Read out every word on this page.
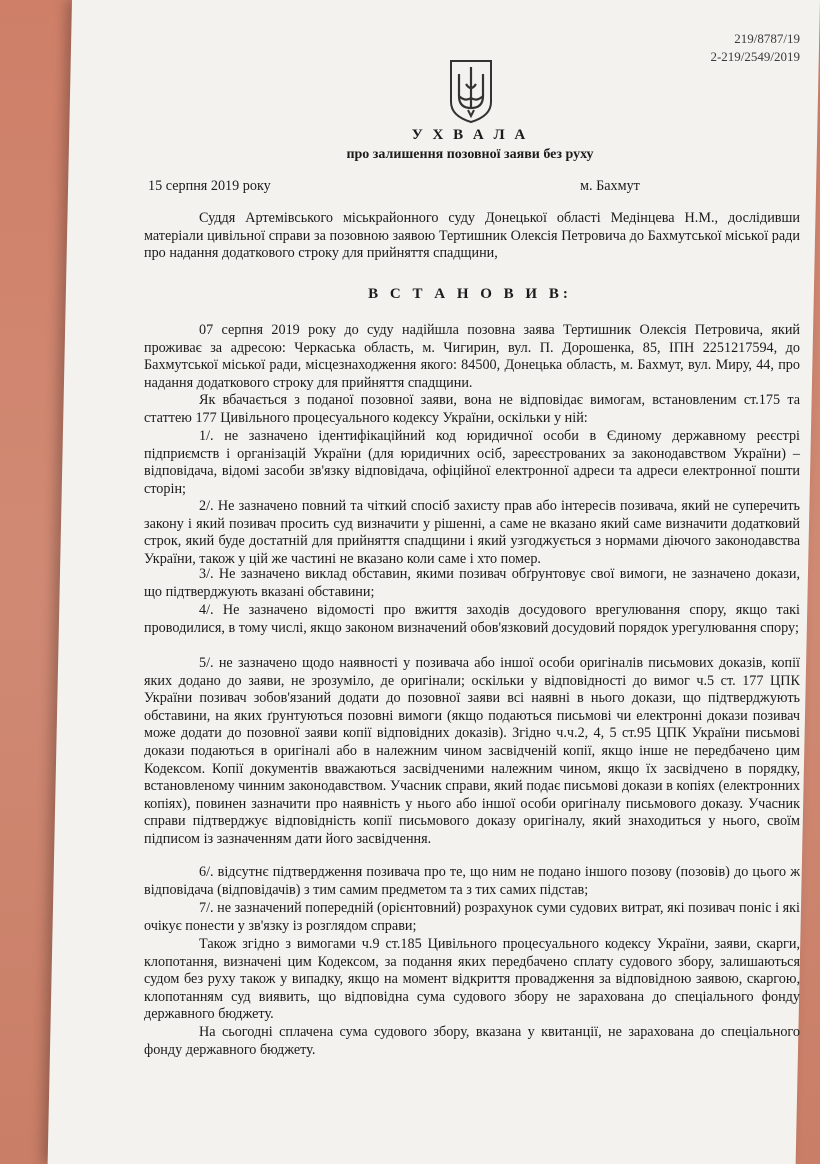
219/8787/19
2-219/2549/2019
У Х В А Л А
про залишення позовної заяви без руху
15 серпня 2019 року	м. Бахмут

Суддя Артемівського міськрайонного суду Донецької області Медінцева Н.М., дослідивши матеріали цивільної справи за позовною заявою Тертишник Олексія Петровича до Бахмутської міської ради про надання додаткового строку для прийняття спадщини,

В С Т А Н О В И В:

07 серпня 2019 року до суду надійшла позовна заява Тертишник Олексія Петровича, який проживає за адресою: Черкаська область, м. Чигирин, вул. П. Дорошенка, 85, ІПН 2251217594, до Бахмутської міської ради, місцезнаходження якого: 84500, Донецька область, м. Бахмут, вул. Миру, 44, про надання додаткового строку для прийняття спадщини.

Як вбачається з поданої позовної заяви, вона не відповідає вимогам, встановленим ст.175 та статтею 177 Цивільного процесуального кодексу України, оскільки у ній:

1/. не зазначено ідентифікаційний код юридичної особи в Єдиному державному реєстрі підприємств і організацій України (для юридичних осіб, зареєстрованих за законодавством України) – відповідача, відомі засоби зв'язку відповідача, офіційної електронної адреси та адреси електронної пошти сторін;

2/. Не зазначено повний та чіткий спосіб захисту прав або інтересів позивача, який не суперечить закону і який позивач просить суд визначити у рішенні, а саме не вказано який саме визначити додатковий строк, який буде достатній для прийняття спадщини і який узгоджується з нормами діючого законодавства України, також у цій же частині не вказано коли саме і хто помер.

3/. Не зазначено виклад обставин, якими позивач обґрунтовує свої вимоги, не зазначено докази, що підтверджують вказані обставини;

4/. Не зазначено відомості про вжиття заходів досудового врегулювання спору, якщо такі проводилися, в тому числі, якщо законом визначений обов'язковий досудовий порядок урегулювання спору;

5/. не зазначено щодо наявності у позивача або іншої особи оригіналів письмових доказів, копії яких додано до заяви, не зрозуміло, де оригінали; оскільки у відповідності до вимог ч.5 ст. 177 ЦПК України позивач зобов'язаний додати до позовної заяви всі наявні в нього докази, що підтверджують обставини, на яких ґрунтуються позовні вимоги (якщо подаються письмові чи електронні докази позивач може додати до позовної заяви копії відповідних доказів). Згідно ч.ч.2, 4, 5 ст.95 ЦПК України письмові докази подаються в оригіналі або в належним чином засвідченій копії, якщо інше не передбачено цим Кодексом. Копії документів вважаються засвідченими належним чином, якщо їх засвідчено в порядку, встановленому чинним законодавством. Учасник справи, який подає письмові докази в копіях (електронних копіях), повинен зазначити про наявність у нього або іншої особи оригіналу письмового доказу. Учасник справи підтверджує відповідність копії письмового доказу оригіналу, який знаходиться у нього, своїм підписом із зазначенням дати його засвідчення.

6/. відсутнє підтвердження позивача про те, що ним не подано іншого позову (позовів) до цього ж відповідача (відповідачів) з тим самим предметом та з тих самих підстав;

7/. не зазначений попередній (орієнтовний) розрахунок суми судових витрат, які позивач поніс і які очікує понести у зв'язку із розглядом справи;

Також згідно з вимогами ч.9 ст.185 Цивільного процесуального кодексу України, заяви, скарги, клопотання, визначені цим Кодексом, за подання яких передбачено сплату судового збору, залишаються судом без руху також у випадку, якщо на момент відкриття провадження за відповідною заявою, скаргою, клопотанням суд виявить, що відповідна сума судового збору не зарахована до спеціального фонду державного бюджету.

На сьогодні сплачена сума судового збору, вказана у квитанції, не зарахована до спеціального фонду державного бюджету.
